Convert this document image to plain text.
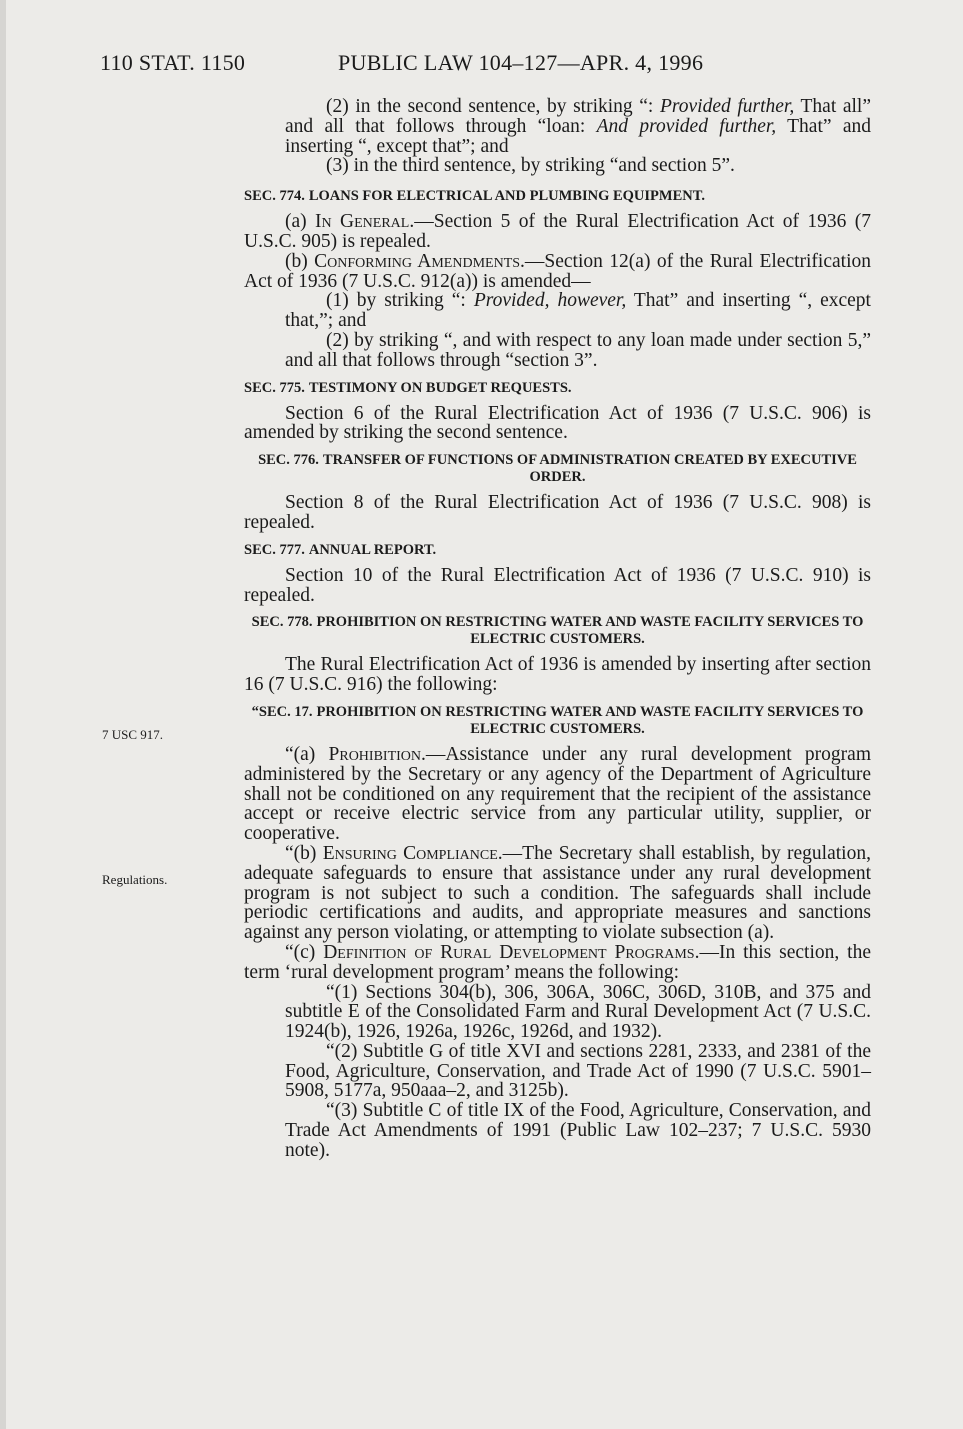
110 STAT. 1150	PUBLIC LAW 104–127—APR. 4, 1996
7 USC 917.
Regulations.

(2) in the second sentence, by striking “: Provided further, That all” and all that follows through “loan: And provided further, That” and inserting “, except that”; and

(3) in the third sentence, by striking “and section 5”.

SEC. 774. LOANS FOR ELECTRICAL AND PLUMBING EQUIPMENT.

(a) In General.—Section 5 of the Rural Electrification Act of 1936 (7 U.S.C. 905) is repealed.

(b) Conforming Amendments.—Section 12(a) of the Rural Electrification Act of 1936 (7 U.S.C. 912(a)) is amended—

(1) by striking “: Provided, however, That” and inserting “, except that,”; and

(2) by striking “, and with respect to any loan made under section 5,” and all that follows through “section 3”.

SEC. 775. TESTIMONY ON BUDGET REQUESTS.

Section 6 of the Rural Electrification Act of 1936 (7 U.S.C. 906) is amended by striking the second sentence.

SEC. 776. TRANSFER OF FUNCTIONS OF ADMINISTRATION CREATED BY EXECUTIVE ORDER.

Section 8 of the Rural Electrification Act of 1936 (7 U.S.C. 908) is repealed.

SEC. 777. ANNUAL REPORT.

Section 10 of the Rural Electrification Act of 1936 (7 U.S.C. 910) is repealed.

SEC. 778. PROHIBITION ON RESTRICTING WATER AND WASTE FACILITY SERVICES TO ELECTRIC CUSTOMERS.

The Rural Electrification Act of 1936 is amended by inserting after section 16 (7 U.S.C. 916) the following:

“SEC. 17. PROHIBITION ON RESTRICTING WATER AND WASTE FACILITY SERVICES TO ELECTRIC CUSTOMERS.

“(a) Prohibition.—Assistance under any rural development program administered by the Secretary or any agency of the Department of Agriculture shall not be conditioned on any requirement that the recipient of the assistance accept or receive electric service from any particular utility, supplier, or cooperative.

“(b) Ensuring Compliance.—The Secretary shall establish, by regulation, adequate safeguards to ensure that assistance under any rural development program is not subject to such a condition. The safeguards shall include periodic certifications and audits, and appropriate measures and sanctions against any person violating, or attempting to violate subsection (a).

“(c) Definition of Rural Development Programs.—In this section, the term ‘rural development program’ means the following:

“(1) Sections 304(b), 306, 306A, 306C, 306D, 310B, and 375 and subtitle E of the Consolidated Farm and Rural Development Act (7 U.S.C. 1924(b), 1926, 1926a, 1926c, 1926d, and 1932).

“(2) Subtitle G of title XVI and sections 2281, 2333, and 2381 of the Food, Agriculture, Conservation, and Trade Act of 1990 (7 U.S.C. 5901–5908, 5177a, 950aaa–2, and 3125b).

“(3) Subtitle C of title IX of the Food, Agriculture, Conservation, and Trade Act Amendments of 1991 (Public Law 102–237; 7 U.S.C. 5930 note).
